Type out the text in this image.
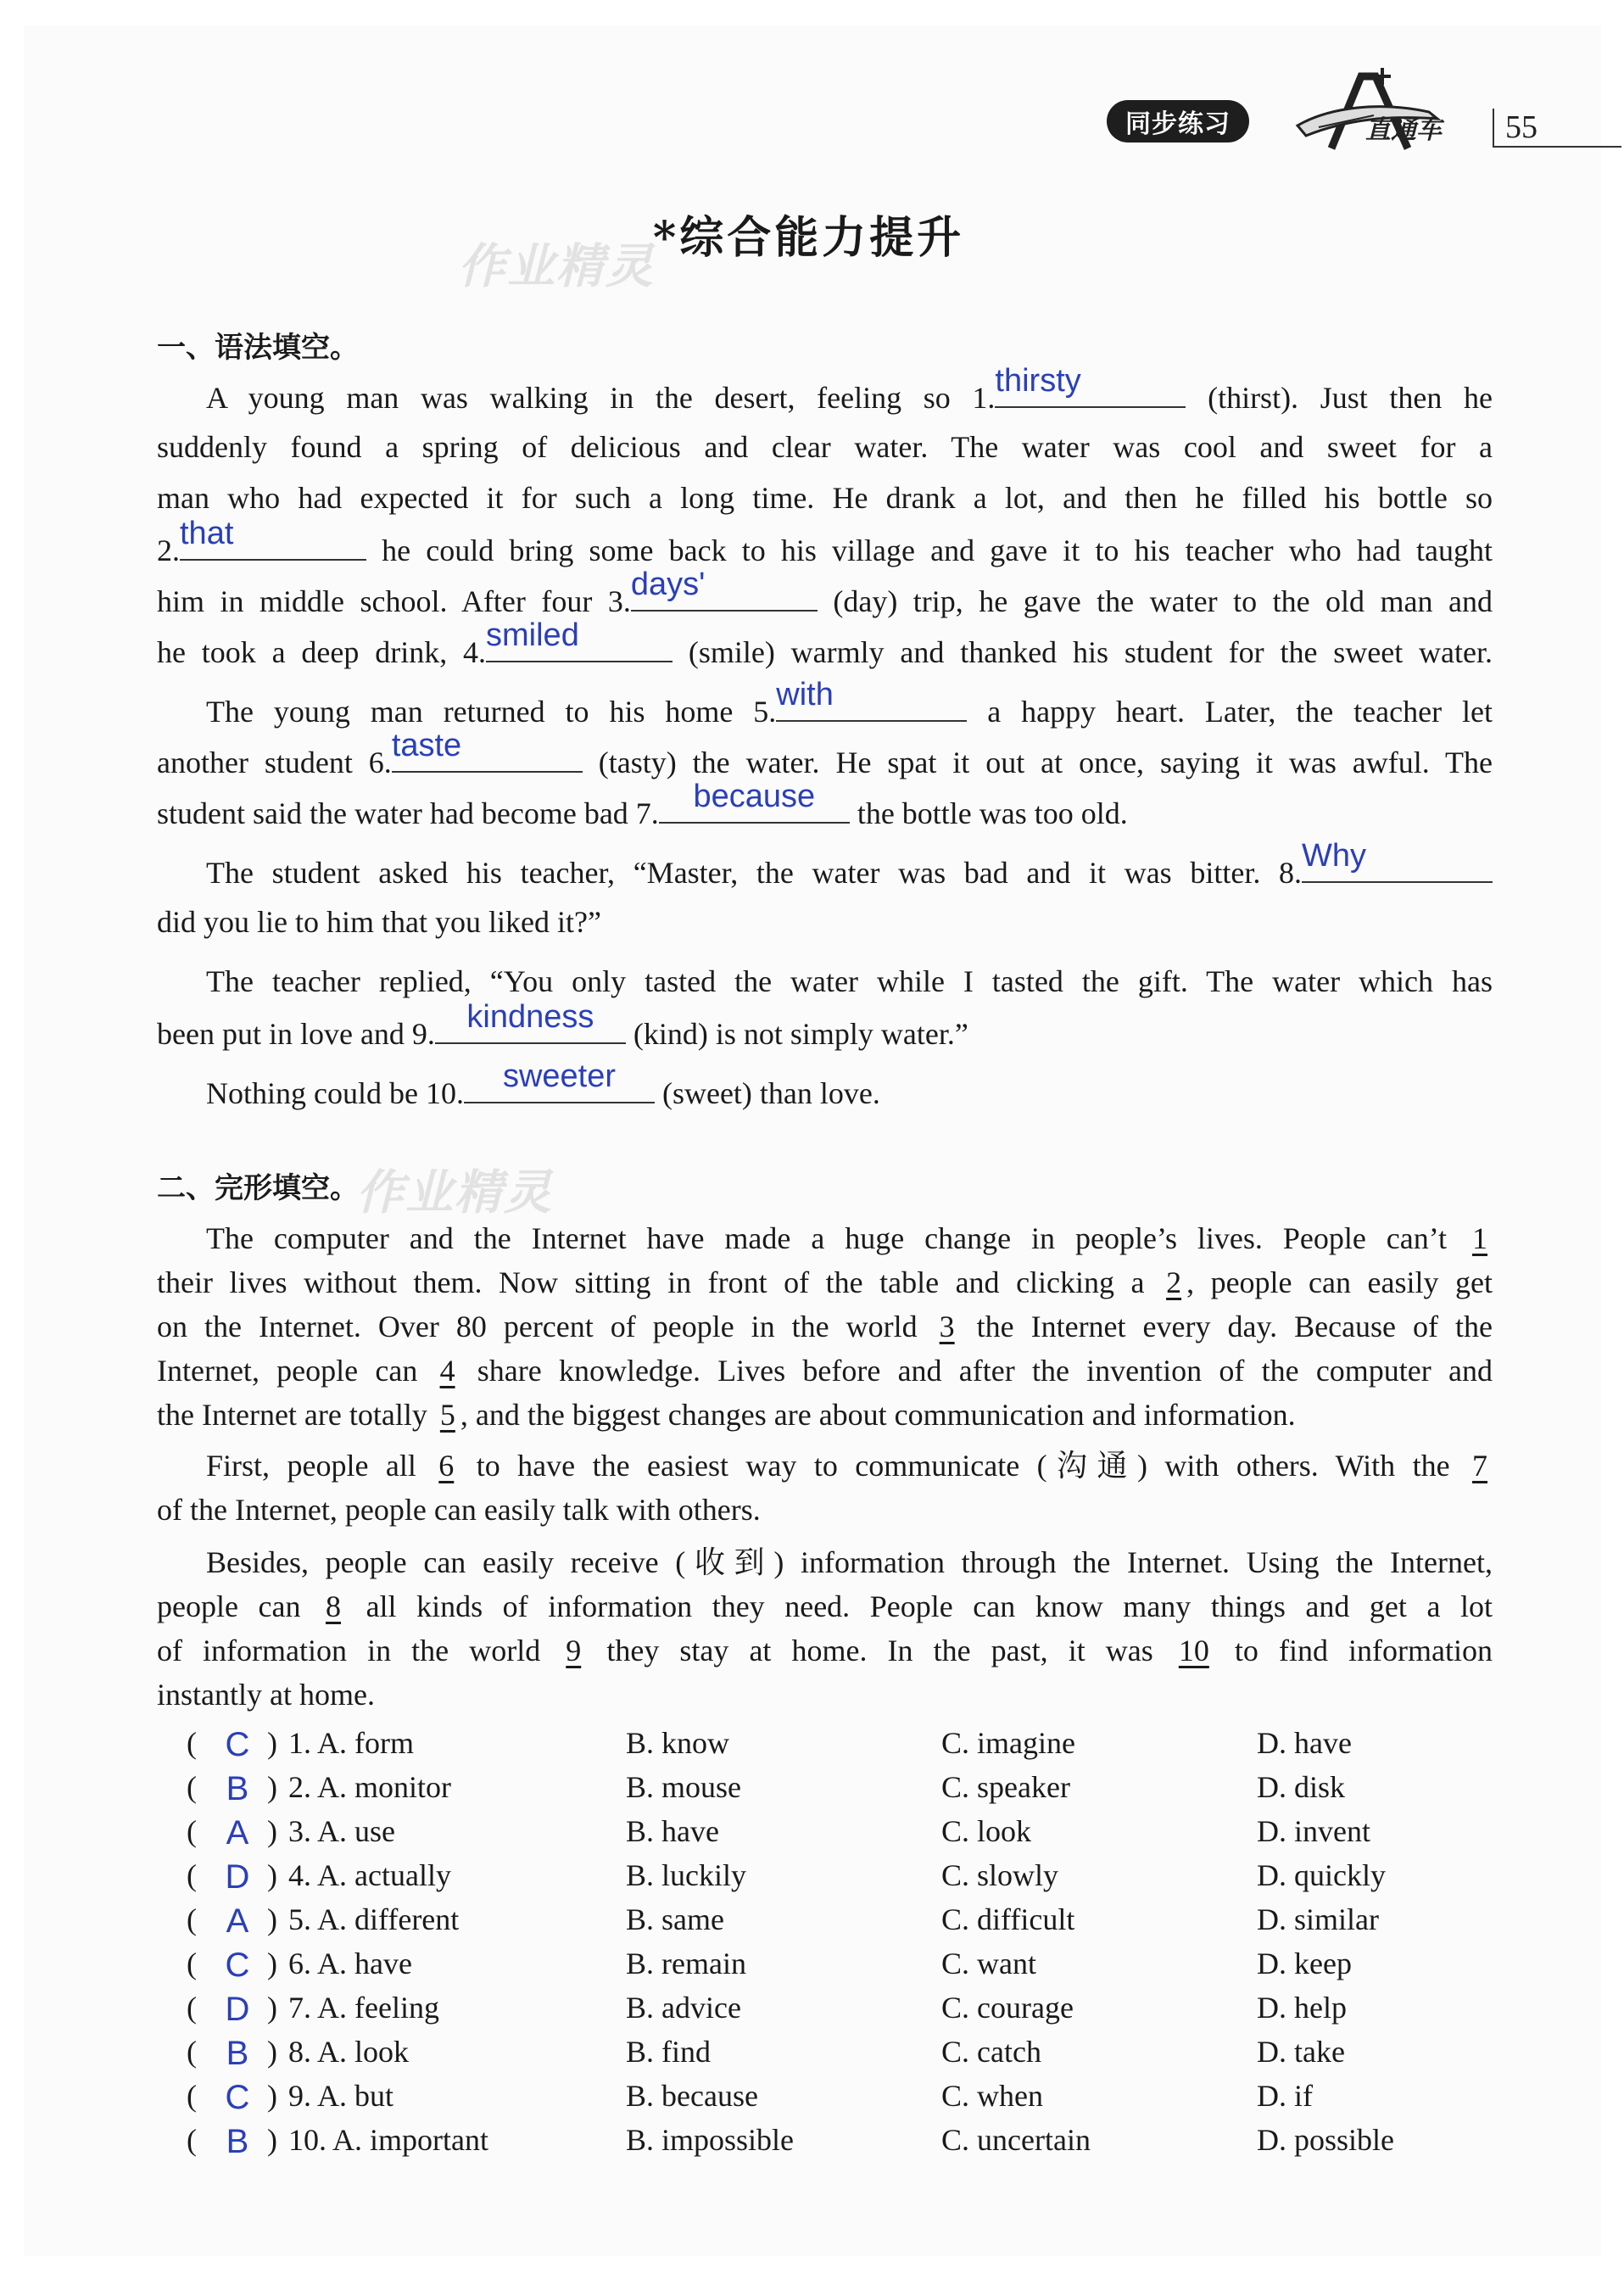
同步练习	直通车 55
*综合能力提升
作业精灵
一、语法填空。
A young man was walking in the desert, feeling so 1. thirsty	(thirst). Just then he
suddenly found a spring of delicious and clear water. The water was cool and sweet for a
man who had expected it for such a long time. He drank a lot, and then he filled his bottle so
2. that	he could bring some back to his village and gave it to his teacher who had taught
him in middle school. After four 3. days'	(day) trip, he gave the water to the old man and
he took a deep drink, 4. smiled	(smile) warmly and thanked his student for the sweet water.
The young man returned to his home 5. with	a happy heart. Later, the teacher let
another student 6. taste	(tasty) the water. He spat it out at once, saying it was awful. The
student said the water had become bad 7.	because	the bottle was too old.
The student asked his teacher, “Master, the water was bad and it was bitter. 8. Why
did you lie to him that you liked it?”
The teacher replied, “You only tasted the water while I tasted the gift. The water which has
been put in love and 9. kindness	(kind) is not simply water.”
Nothing could be 10.	sweeter	(sweet) than love.
二、完形填空。
作业精灵
The computer and the Internet have made a huge change in people’s lives. People can’t 1
their lives without them. Now sitting in front of the table and clicking a 2 , people can easily get
on the Internet. Over 80 percent of people in the world 3 the Internet every day. Because of the
Internet, people can 4 share knowledge. Lives before and after the invention of the computer and
the Internet are totally 5 , and the biggest changes are about communication and information.
First, people all 6 to have the easiest way to communicate (沟通) with others. With the 7
of the Internet, people can easily talk with others.
Besides, people can easily receive (收到) information through the Internet. Using the Internet,
people can 8 all kinds of information they need. People can know many things and get a lot
of information in the world 9 they stay at home. In the past, it was 10 to find information
instantly at home.
( C ) 1. A. form	B. know	C. imagine	D. have
( B ) 2. A. monitor	B. mouse	C. speaker	D. disk
( A ) 3. A. use	B. have	C. look	D. invent
( D ) 4. A. actually	B. luckily	C. slowly	D. quickly
( A ) 5. A. different	B. same	C. difficult	D. similar
( C ) 6. A. have	B. remain	C. want	D. keep
( D ) 7. A. feeling	B. advice	C. courage	D. help
( B ) 8. A. look	B. find	C. catch	D. take
( C ) 9. A. but	B. because	C. when	D. if
( B ) 10. A. important	B. impossible	C. uncertain	D. possible
